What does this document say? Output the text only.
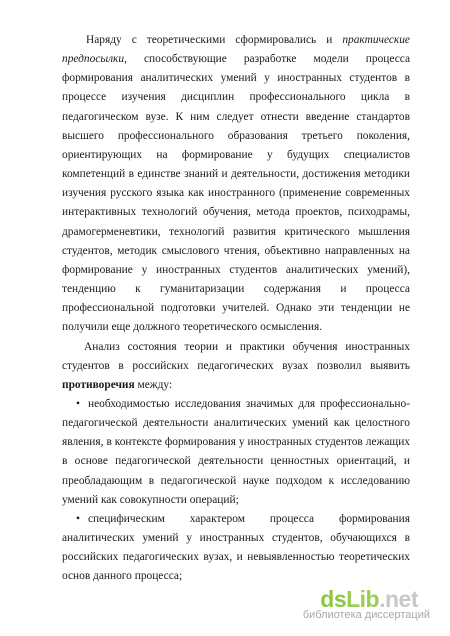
Наряду с теоретическими сформировались и практические предпосылки, способствующие разработке модели процесса формирования аналитических умений у иностранных студентов в процессе изучения дисциплин профессионального цикла в педагогическом вузе. К ним следует отнести введение стандартов высшего профессионального образования третьего поколения, ориентирующих на формирование у будущих специалистов компетенций в единстве знаний и деятельности, достижения методики изучения русского языка как иностранного (применение современных интерактивных технологий обучения, метода проектов, психодрамы, драмогерменевтики, технологий развития критического мышления студентов, методик смыслового чтения, объективно направленных на формирование у иностранных студентов аналитических умений), тенденцию к гуманитаризации содержания и процесса профессиональной подготовки учителей. Однако эти тенденции не получили еще должного теоретического осмысления.

Анализ состояния теории и практики обучения иностранных студентов в российских педагогических вузах позволил выявить противоречия между:

• необходимостью исследования значимых для профессионально-педагогической деятельности аналитических умений как целостного явления, в контексте формирования у иностранных студентов лежащих в основе педагогической деятельности ценностных ориентаций, и преобладающим в педагогической науке подходом к исследованию умений как совокупности операций;

• специфическим характером процесса формирования аналитических умений у иностранных студентов, обучающихся в российских педагогических вузах, и невыявленностью теоретических основ данного процесса;

dsLib.net
библиотека диссертаций
